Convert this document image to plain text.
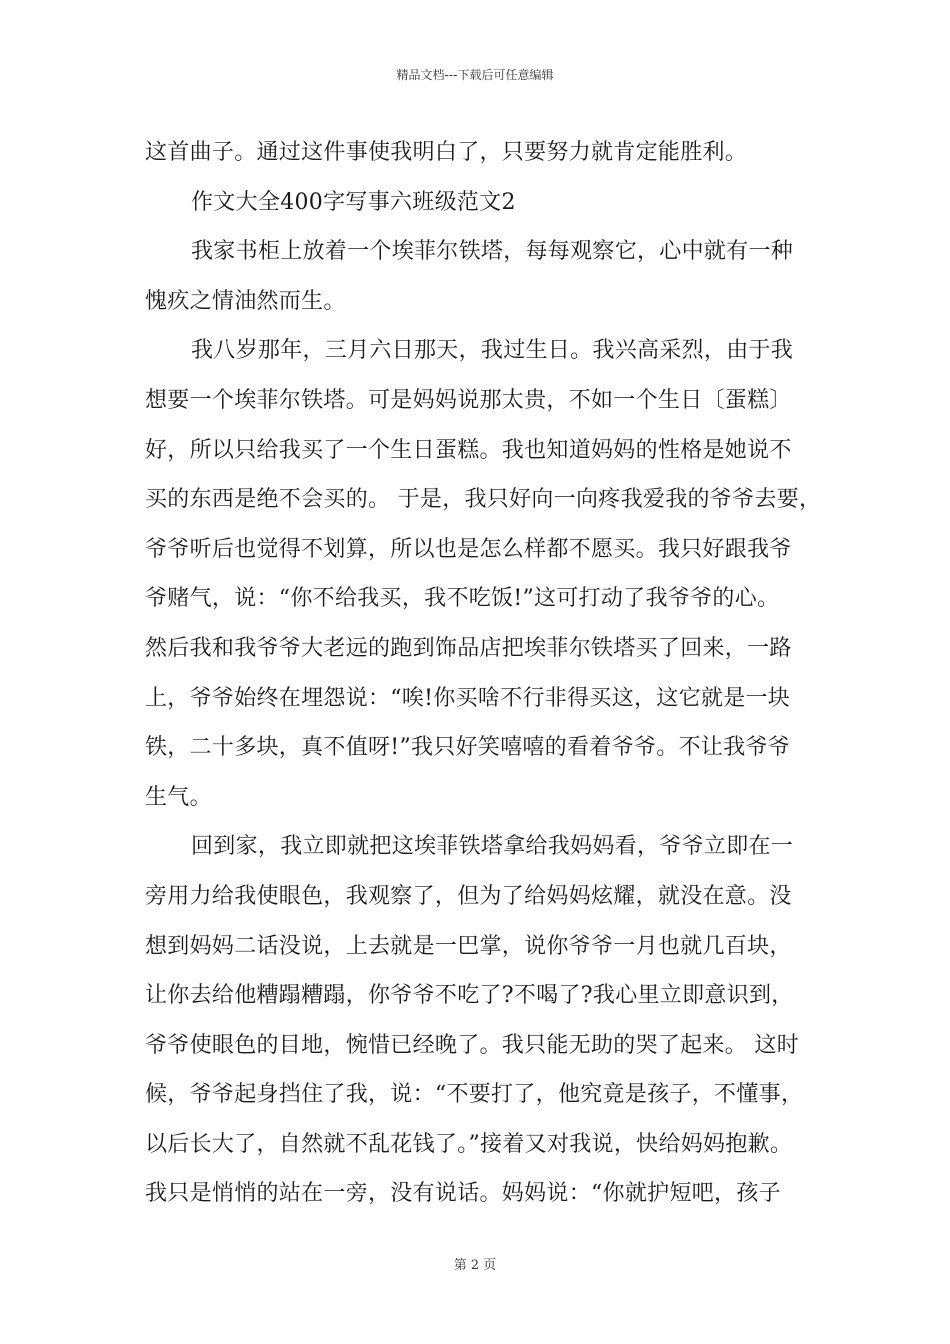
精品文档---下载后可任意编辑
这首曲子。通过这件事使我明白了，只要努力就肯定能胜利。
作文大全400字写事六班级范文2
我家书柜上放着一个埃菲尔铁塔，每每观察它，心中就有一种
愧疚之情油然而生。
我八岁那年，三月六日那天，我过生日。我兴高采烈，由于我
想要一个埃菲尔铁塔。可是妈妈说那太贵，不如一个生日〔蛋糕〕
好，所以只给我买了一个生日蛋糕。我也知道妈妈的性格是她说不
买的东西是绝不会买的。 于是，我只好向一向疼我爱我的爷爷去要，
爷爷听后也觉得不划算，所以也是怎么样都不愿买。我只好跟我爷
爷赌气，说：“你不给我买，我不吃饭!”这可打动了我爷爷的心。
然后我和我爷爷大老远的跑到饰品店把埃菲尔铁塔买了回来，一路
上，爷爷始终在埋怨说：“唉!你买啥不行非得买这，这它就是一块
铁，二十多块，真不值呀!”我只好笑嘻嘻的看着爷爷。不让我爷爷
生气。
回到家，我立即就把这埃菲铁塔拿给我妈妈看，爷爷立即在一
旁用力给我使眼色，我观察了，但为了给妈妈炫耀，就没在意。没
想到妈妈二话没说，上去就是一巴掌，说你爷爷一月也就几百块，
让你去给他糟蹋糟蹋，你爷爷不吃了?不喝了?我心里立即意识到，
爷爷使眼色的目地，惋惜已经晚了。我只能无助的哭了起来。 这时
候，爷爷起身挡住了我，说：“不要打了，他究竟是孩子，不懂事，
以后长大了，自然就不乱花钱了。”接着又对我说，快给妈妈抱歉。
我只是悄悄的站在一旁，没有说话。妈妈说：“你就护短吧，孩子
第 2 页
